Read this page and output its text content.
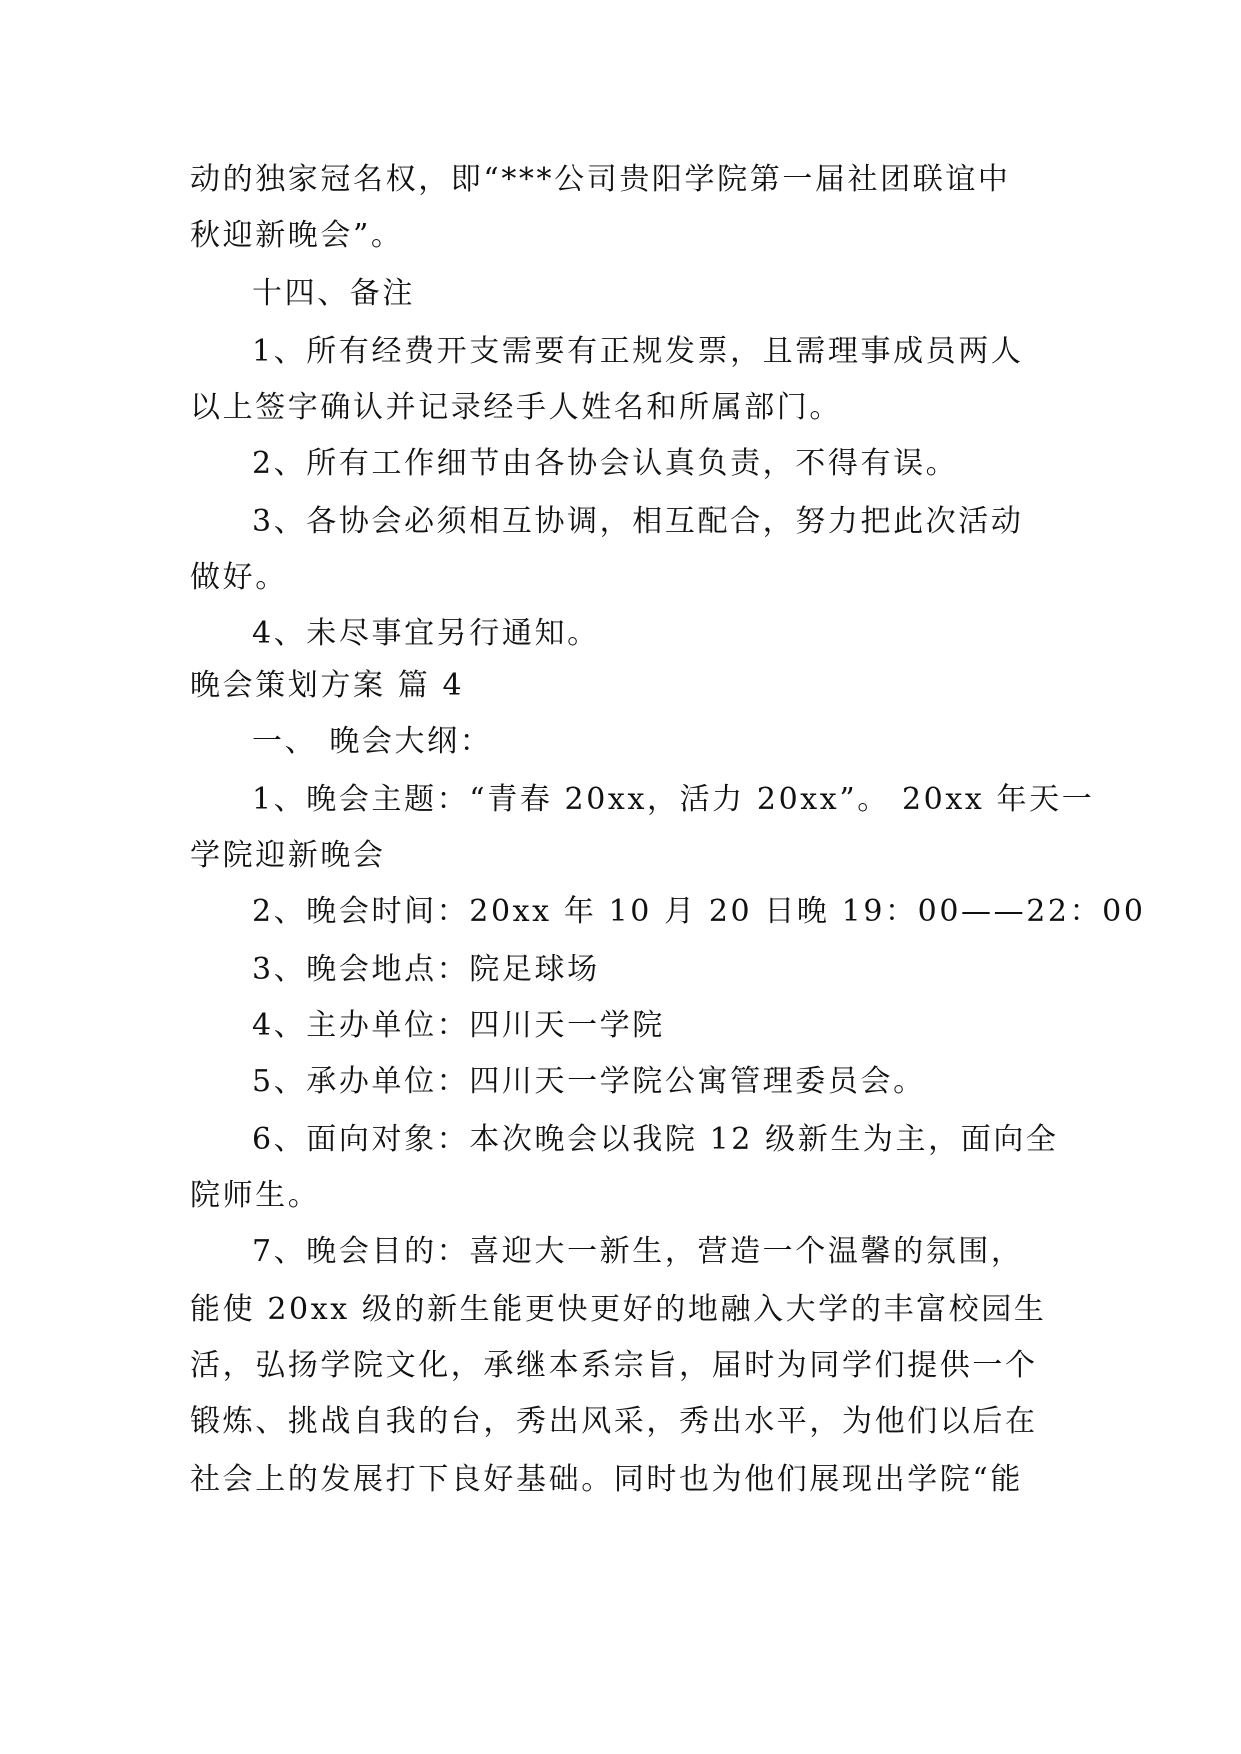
动的独家冠名权，即“***公司贵阳学院第一届社团联谊中
秋迎新晚会”。
十四、备注
1、所有经费开支需要有正规发票，且需理事成员两人
以上签字确认并记录经手人姓名和所属部门。
2、所有工作细节由各协会认真负责，不得有误。
3、各协会必须相互协调，相互配合，努力把此次活动
做好。
4、未尽事宜另行通知。
晚会策划方案 篇 4
一、 晚会大纲：
1、晚会主题：“青春 20xx，活力 20xx”。 20xx 年天一
学院迎新晚会
2、晚会时间：20xx 年 10 月 20 日晚 19：00——22：00
3、晚会地点：院足球场
4、主办单位：四川天一学院
5、承办单位：四川天一学院公寓管理委员会。
6、面向对象：本次晚会以我院 12 级新生为主，面向全
院师生。
7、晚会目的：喜迎大一新生，营造一个温馨的氛围，
能使 20xx 级的新生能更快更好的地融入大学的丰富校园生
活，弘扬学院文化，承继本系宗旨，届时为同学们提供一个
锻炼、挑战自我的台，秀出风采，秀出水平，为他们以后在
社会上的发展打下良好基础。同时也为他们展现出学院“能
